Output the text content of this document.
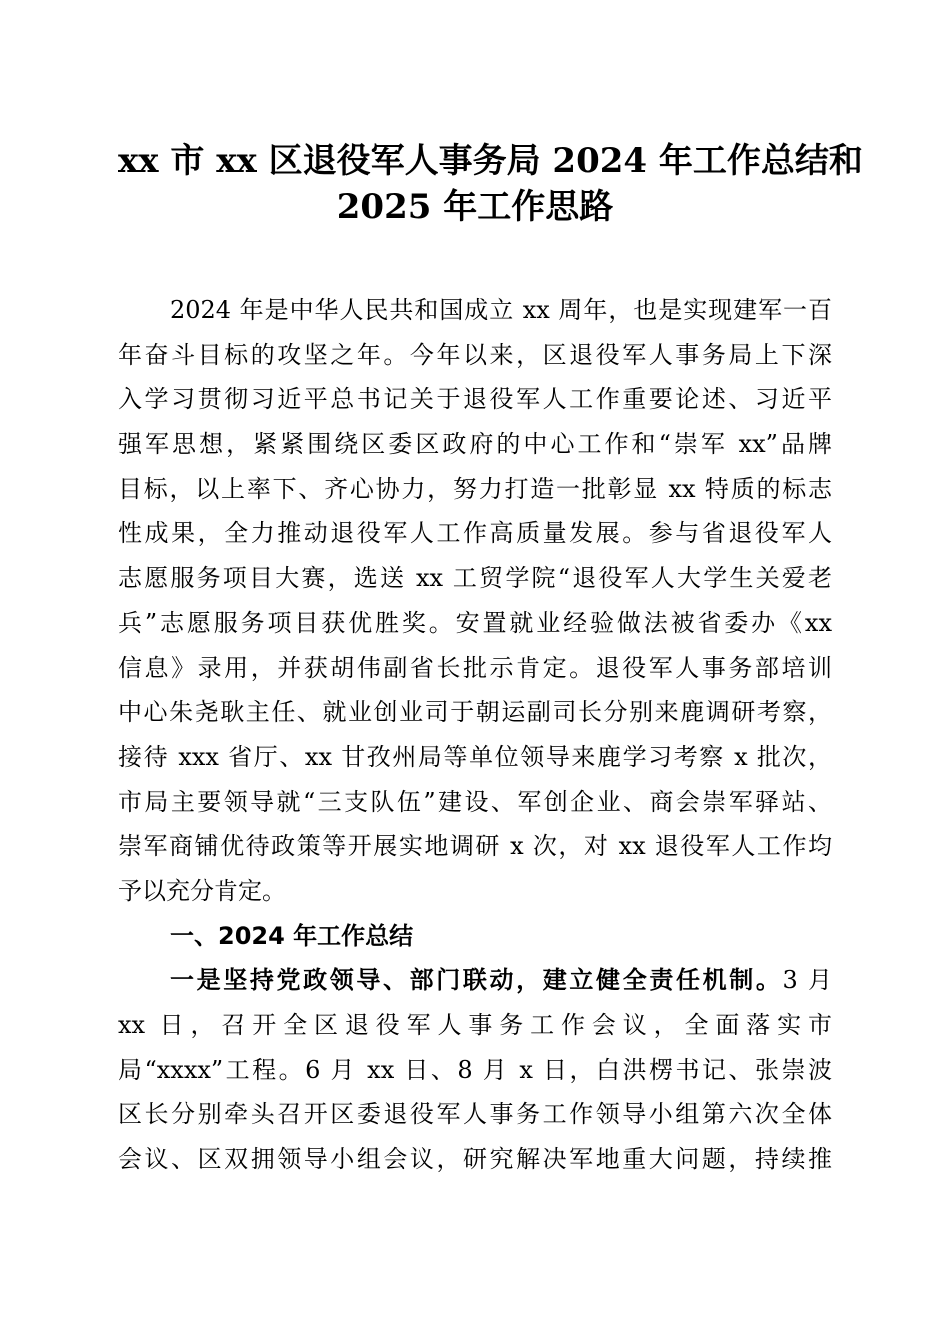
xx 市 xx 区退役军人事务局 2024 年工作总结和
2025 年工作思路
2024 年是中华人民共和国成立 xx 周年，也是实现建军一百
年奋斗目标的攻坚之年。今年以来，区退役军人事务局上下深
入学习贯彻习近平总书记关于退役军人工作重要论述、习近平
强军思想，紧紧围绕区委区政府的中心工作和“崇军 xx”品牌
目标，以上率下、齐心协力，努力打造一批彰显 xx 特质的标志
性成果，全力推动退役军人工作高质量发展。参与省退役军人
志愿服务项目大赛，选送 xx 工贸学院“退役军人大学生关爱老
兵”志愿服务项目获优胜奖。安置就业经验做法被省委办《xx
信息》录用，并获胡伟副省长批示肯定。退役军人事务部培训
中心朱尧耿主任、就业创业司于朝运副司长分别来鹿调研考察，
接待 xxx 省厅、xx 甘孜州局等单位领导来鹿学习考察 x 批次，
市局主要领导就“三支队伍”建设、军创企业、商会崇军驿站、
崇军商铺优待政策等开展实地调研 x 次，对 xx 退役军人工作均
予以充分肯定。
一、2024 年工作总结
一是坚持党政领导、部门联动，建立健全责任机制。3 月
xx 日，召开全区退役军人事务工作会议，全面落实市
局“xxxx”工程。6 月 xx 日、8 月 x 日，白洪楞书记、张崇波
区长分别牵头召开区委退役军人事务工作领导小组第六次全体
会议、区双拥领导小组会议，研究解决军地重大问题，持续推
